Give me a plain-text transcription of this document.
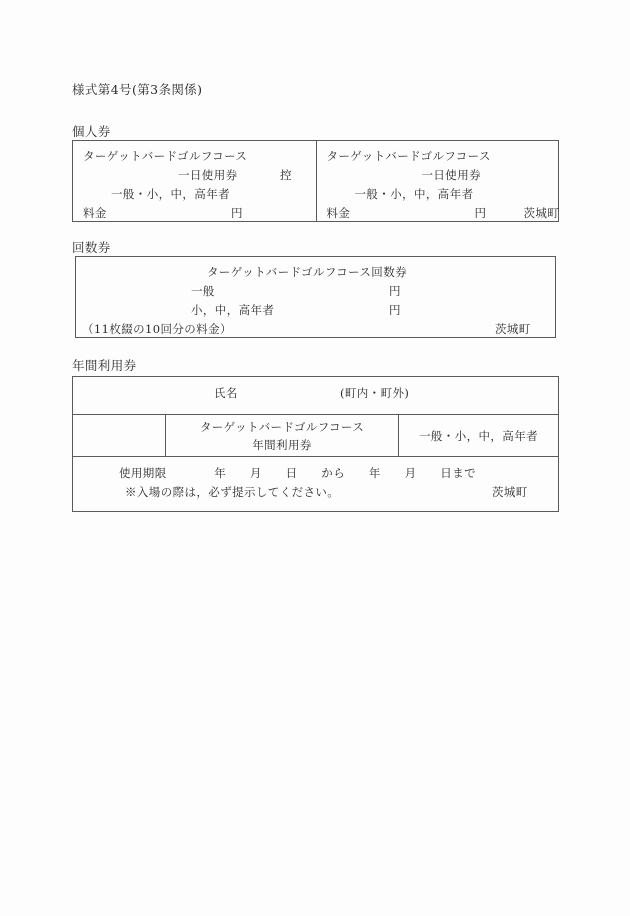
様式第4号(第3条関係)
個人券
ターゲットバードゴルフコース
一日使用券	控
一般・小，中，高年者
料金	円
ターゲットバードゴルフコース
一日使用券
一般・小，中，高年者
料金	円	茨城町
回数券
ターゲットバードゴルフコース回数券
一般	円
小，中，高年者	円
（11枚綴の10回分の料金）	茨城町
年間利用券
氏名	(町内・町外)
ターゲットバードゴルフコース
年間利用券
一般・小，中，高年者
使用期限　　　　年　　月　　日　　から　　年　　月　　日まで
※入場の際は，必ず提示してください。	茨城町
